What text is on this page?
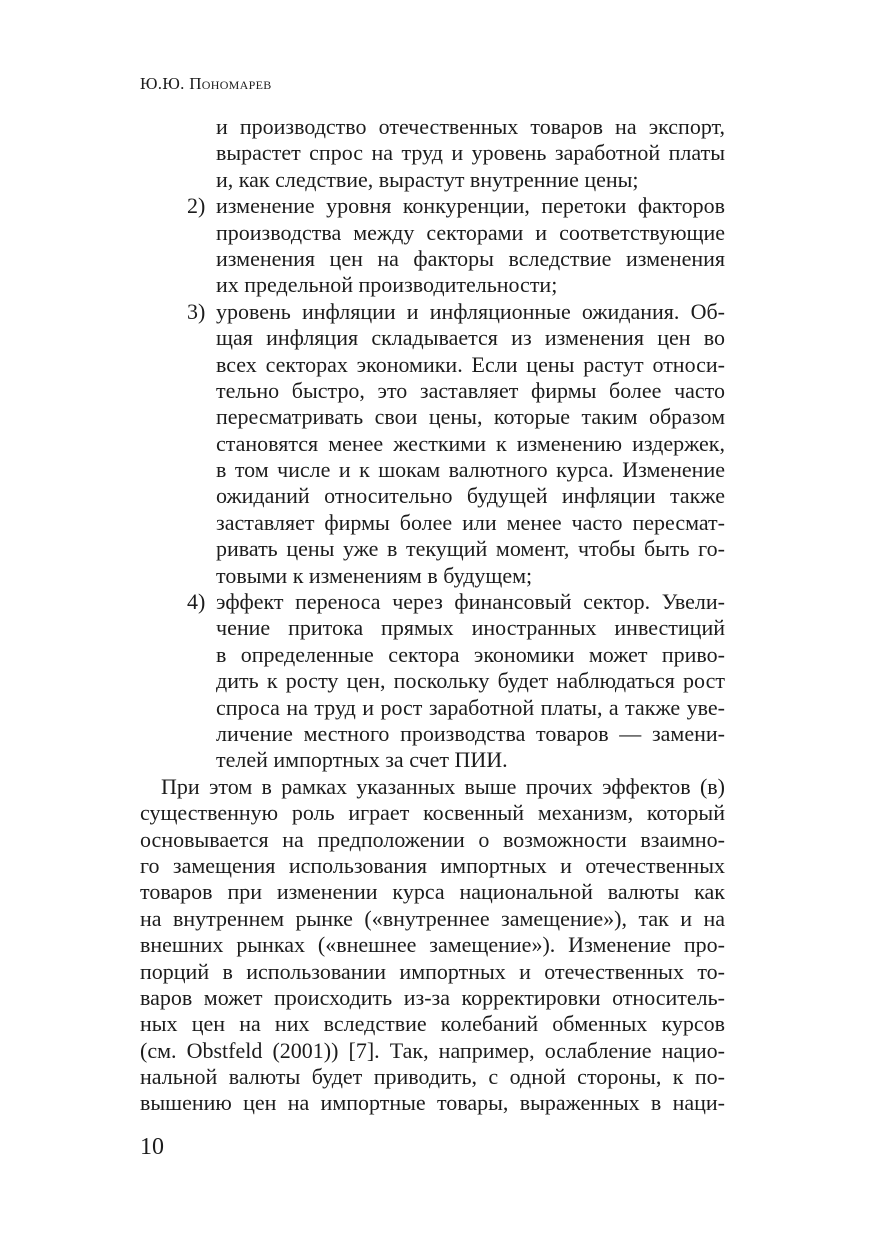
Ю.Ю. Пономарев
и производство отечественных товаров на экспорт,
вырастет спрос на труд и уровень заработной платы
и, как следствие, вырастут внутренние цены;
2) изменение уровня конкуренции, перетоки факторов
производства между секторами и соответствующие
изменения цен на факторы вследствие изменения
их предельной производительности;
3) уровень инфляции и инфляционные ожидания. Об-
щая инфляция складывается из изменения цен во
всех секторах экономики. Если цены растут относи-
тельно быстро, это заставляет фирмы более часто
пересматривать свои цены, которые таким образом
становятся менее жесткими к изменению издержек,
в том числе и к шокам валютного курса. Изменение
ожиданий относительно будущей инфляции также
заставляет фирмы более или менее часто пересмат-
ривать цены уже в текущий момент, чтобы быть го-
товыми к изменениям в будущем;
4) эффект переноса через финансовый сектор. Увели-
чение притока прямых иностранных инвестиций
в определенные сектора экономики может приво-
дить к росту цен, поскольку будет наблюдаться рост
спроса на труд и рост заработной платы, а также уве-
личение местного производства товаров — замени-
телей импортных за счет ПИИ.
При этом в рамках указанных выше прочих эффектов (в)
существенную роль играет косвенный механизм, который
основывается на предположении о возможности взаимно-
го замещения использования импортных и отечественных
товаров при изменении курса национальной валюты как
на внутреннем рынке («внутреннее замещение»), так и на
внешних рынках («внешнее замещение»). Изменение про-
порций в использовании импортных и отечественных то-
варов может происходить из-за корректировки относитель-
ных цен на них вследствие колебаний обменных курсов
(см. Obstfeld (2001)) [7]. Так, например, ослабление нацио-
нальной валюты будет приводить, с одной стороны, к по-
вышению цен на импортные товары, выраженных в наци-
10
